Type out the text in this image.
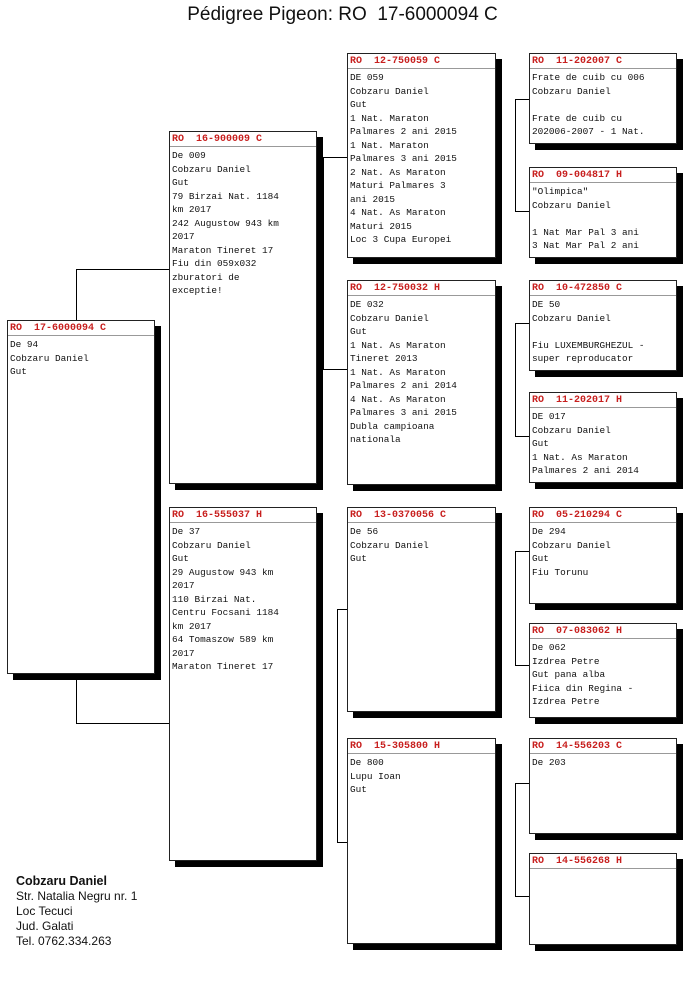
Pédigree Pigeon: RO  17-6000094 C
RO  17-6000094 C
De 94
Cobzaru Daniel
Gut
RO  16-900009 C
De 009
Cobzaru Daniel
Gut
79 Birzai Nat. 1184
km 2017
242 Augustow 943 km
2017
Maraton Tineret 17
Fiu din 059x032
zburatori de
exceptie!
RO  16-555037 H
De 37
Cobzaru Daniel
Gut
29 Augustow 943 km
2017
110 Birzai Nat.
Centru Focsani 1184
km 2017
64 Tomaszow 589 km
2017
Maraton Tineret 17
RO  12-750059 C
DE 059
Cobzaru Daniel
Gut
1 Nat. Maraton
Palmares 2 ani 2015
1 Nat. Maraton
Palmares 3 ani 2015
2 Nat. As Maraton
Maturi Palmares 3
ani 2015
4 Nat. As Maraton
Maturi 2015
Loc 3 Cupa Europei
RO  12-750032 H
DE 032
Cobzaru Daniel
Gut
1 Nat. As Maraton
Tineret 2013
1 Nat. As Maraton
Palmares 2 ani 2014
4 Nat. As Maraton
Palmares 3 ani 2015
Dubla campioana
nationala
RO  13-0370056 C
De 56
Cobzaru Daniel
Gut
RO  15-305800 H
De 800
Lupu Ioan
Gut
RO  11-202007 C
Frate de cuib cu 006
Cobzaru Daniel
Frate de cuib cu
202006-2007 - 1 Nat.
RO  09-004817 H
"Olimpica"
Cobzaru Daniel
1 Nat Mar Pal 3 ani
3 Nat Mar Pal 2 ani
RO  10-472850 C
DE 50
Cobzaru Daniel
Fiu LUXEMBURGHEZUL -
super reproducator
RO  11-202017 H
DE 017
Cobzaru Daniel
Gut
1 Nat. As Maraton
Palmares 2 ani 2014
RO  05-210294 C
De 294
Cobzaru Daniel
Gut
Fiu Torunu
RO  07-083062 H
De 062
Izdrea Petre
Gut pana alba
Fiica din Regina -
Izdrea Petre
RO  14-556203 C
De 203
RO  14-556268 H
Cobzaru Daniel
Str. Natalia Negru nr. 1
Loc Tecuci
Jud. Galati
Tel. 0762.334.263
